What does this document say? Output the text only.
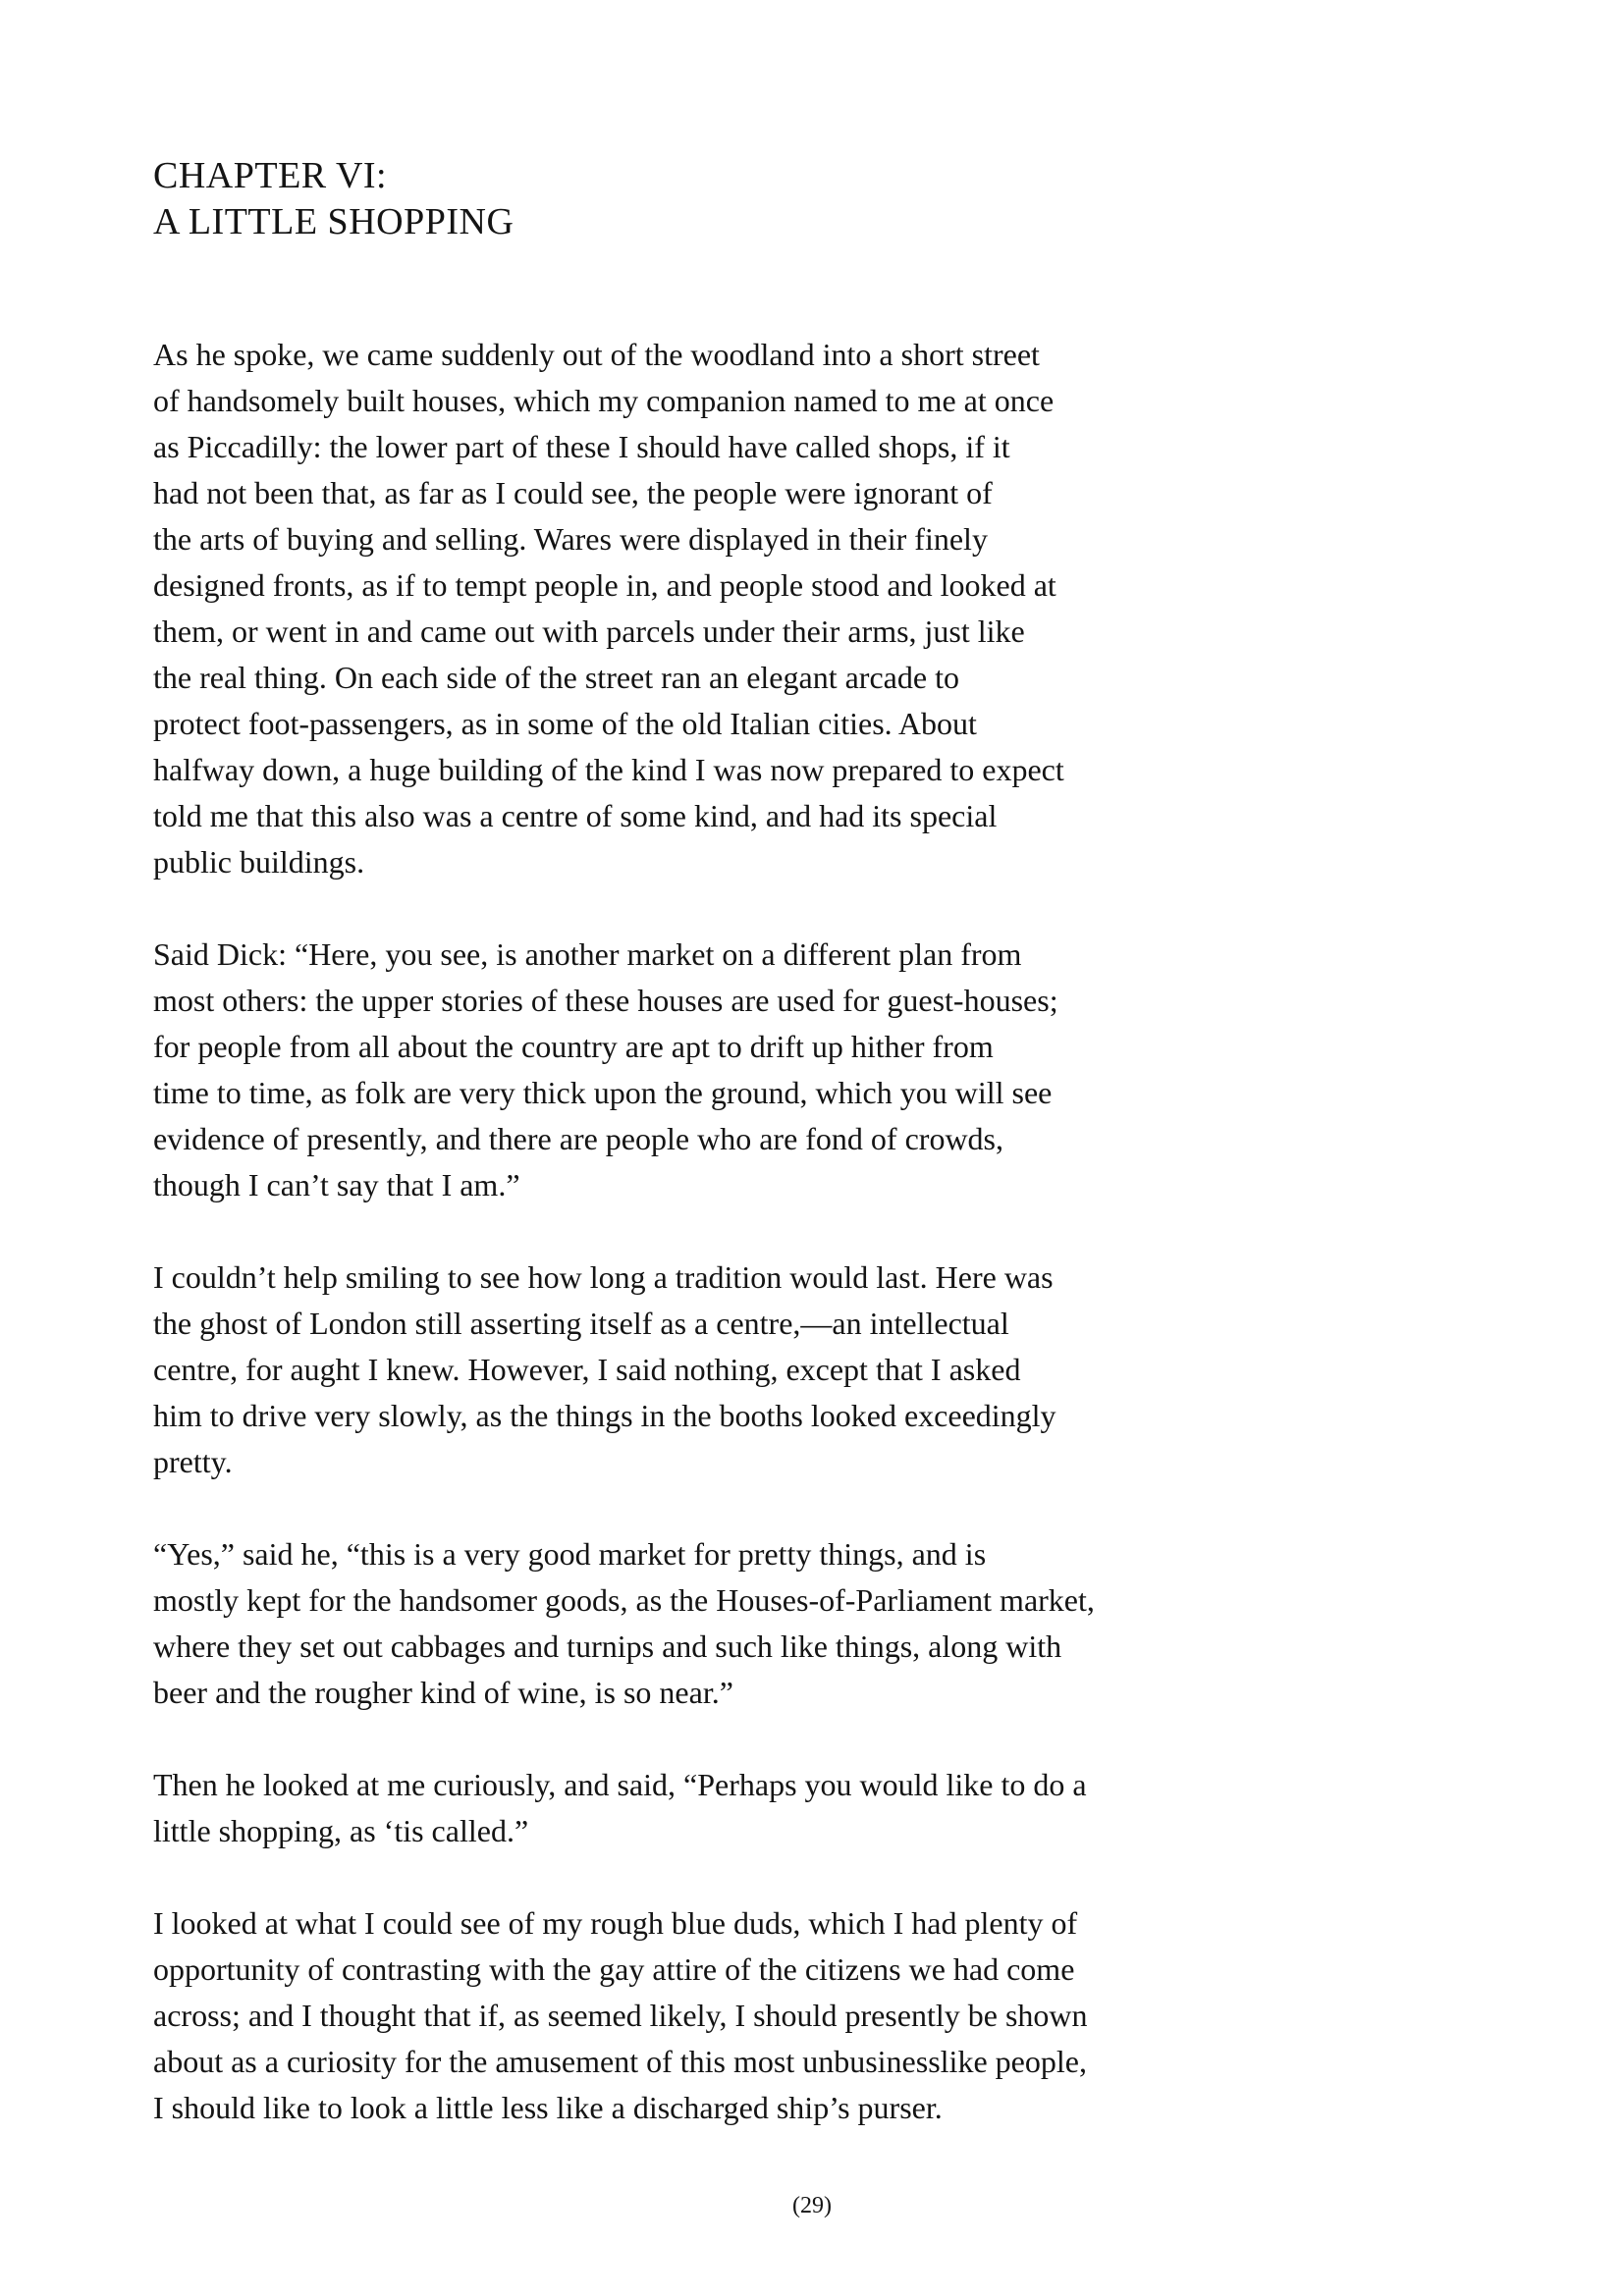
CHAPTER VI:
A LITTLE SHOPPING

As he spoke, we came suddenly out of the woodland into a short street
of handsomely built houses, which my companion named to me at once
as Piccadilly: the lower part of these I should have called shops, if it
had not been that, as far as I could see, the people were ignorant of
the arts of buying and selling. Wares were displayed in their finely
designed fronts, as if to tempt people in, and people stood and looked at
them, or went in and came out with parcels under their arms, just like
the real thing. On each side of the street ran an elegant arcade to
protect foot-passengers, as in some of the old Italian cities. About
halfway down, a huge building of the kind I was now prepared to expect
told me that this also was a centre of some kind, and had its special
public buildings.

Said Dick: “Here, you see, is another market on a different plan from
most others: the upper stories of these houses are used for guest-houses;
for people from all about the country are apt to drift up hither from
time to time, as folk are very thick upon the ground, which you will see
evidence of presently, and there are people who are fond of crowds,
though I can’t say that I am.”

I couldn’t help smiling to see how long a tradition would last. Here was
the ghost of London still asserting itself as a centre,—an intellectual
centre, for aught I knew. However, I said nothing, except that I asked
him to drive very slowly, as the things in the booths looked exceedingly
pretty.

“Yes,” said he, “this is a very good market for pretty things, and is
mostly kept for the handsomer goods, as the Houses-of-Parliament market,
where they set out cabbages and turnips and such like things, along with
beer and the rougher kind of wine, is so near.”

Then he looked at me curiously, and said, “Perhaps you would like to do a
little shopping, as ‘tis called.”

I looked at what I could see of my rough blue duds, which I had plenty of
opportunity of contrasting with the gay attire of the citizens we had come
across; and I thought that if, as seemed likely, I should presently be shown
about as a curiosity for the amusement of this most unbusinesslike people,
I should like to look a little less like a discharged ship’s purser.

(29)
